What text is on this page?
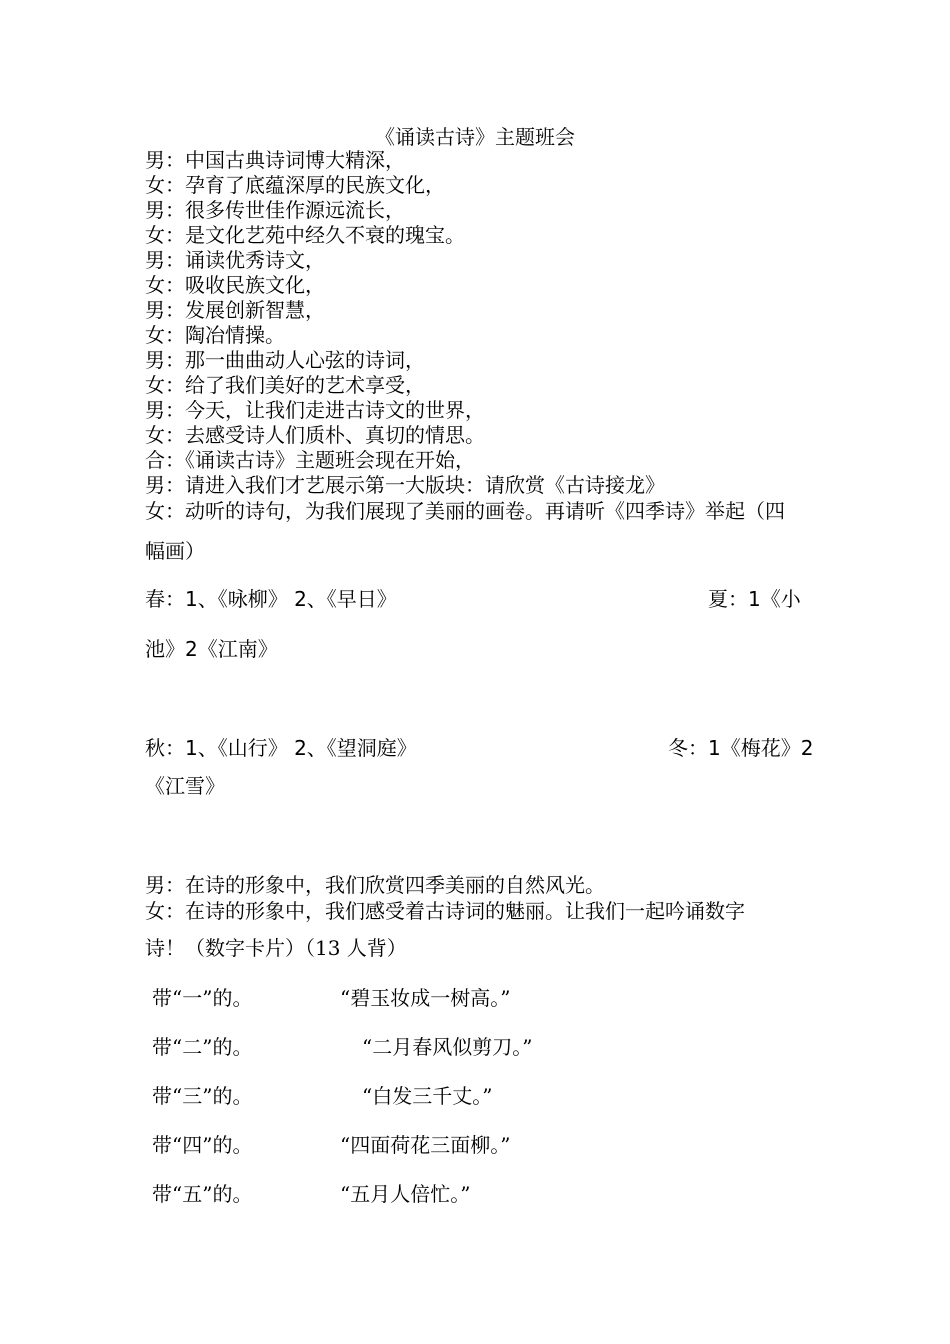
《诵读古诗》主题班会
男：中国古典诗词博大精深，
女：孕育了底蕴深厚的民族文化，
男：很多传世佳作源远流长，
女：是文化艺苑中经久不衰的瑰宝。
男：诵读优秀诗文，
女：吸收民族文化，
男：发展创新智慧，
女：陶冶情操。
男：那一曲曲动人心弦的诗词，
女：给了我们美好的艺术享受，
男：今天，让我们走进古诗文的世界，
女：去感受诗人们质朴、真切的情思。
合：《诵读古诗》主题班会现在开始，
男：请进入我们才艺展示第一大版块：请欣赏《古诗接龙》
女：动听的诗句，为我们展现了美丽的画卷。再请听《四季诗》举起（四
幅画）
春：1、《咏柳》 2、《早日》	夏：1《小
池》2《江南》
秋：1、《山行》 2、《望洞庭》	冬：1《梅花》2
《江雪》
男：在诗的形象中，我们欣赏四季美丽的自然风光。
女：在诗的形象中，我们感受着古诗词的魅丽。让我们一起吟诵数字
诗！（数字卡片）（13 人背）
带“一”的。	“碧玉妆成一树高。”
带“二”的。	“二月春风似剪刀。”
带“三”的。	“白发三千丈。”
带“四”的。	“四面荷花三面柳。”
带“五”的。	“五月人倍忙。”
